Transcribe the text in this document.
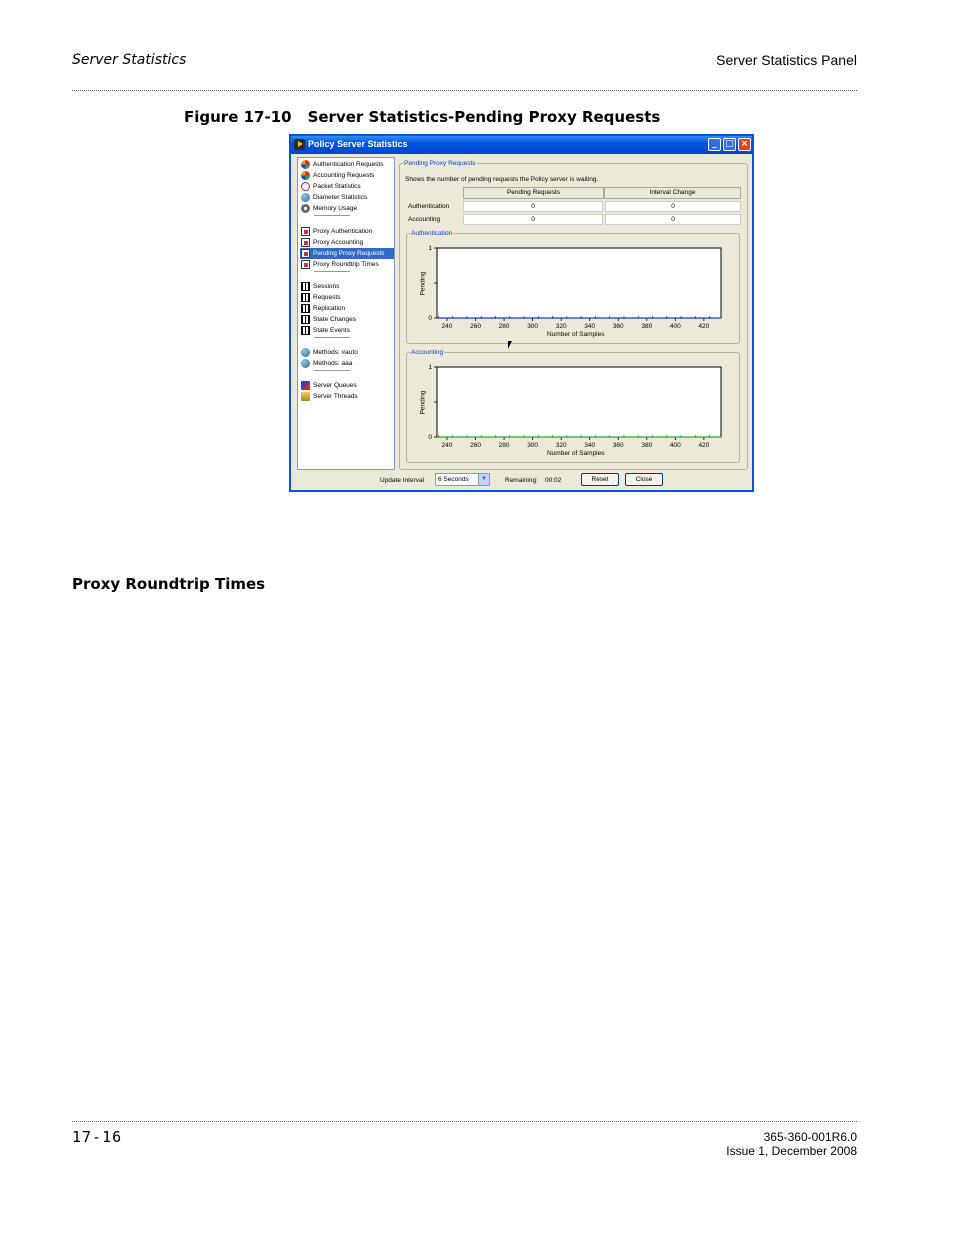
Server Statistics	Server Statistics Panel
Figure 17-10 Server Statistics-Pending Proxy Requests
Policy Server Statistics	_ □ ×
Authentication Requests
Accounting Requests
Packet Statistics
Diameter Statistics
Memory Usage
Proxy Authentication
Proxy Accounting
Pending Proxy Requests
Proxy Roundtrip Times
Sessions
Requests
Replication
State Changes
State Events
Methods: #auto
Methods: aaa
Server Queues
Server Threads
Pending Proxy Requests
Shows the number of pending requests the Policy server is waiting.
Pending Requests	Interval Change
Authentication	0	0
Accounting	0	0
Authentication
Pending
0
1
240	260	280	300	320	340	360	380	400	420
Number of Samples
Accounting
Pending
0
1
240	260	280	300	320	340	360	380	400	420
Number of Samples
Update Interval	6 Seconds	▼	Remaining: 00:02	Reset	Close
Proxy Roundtrip Times
17-16	365-360-001R6.0
Issue 1, December 2008
